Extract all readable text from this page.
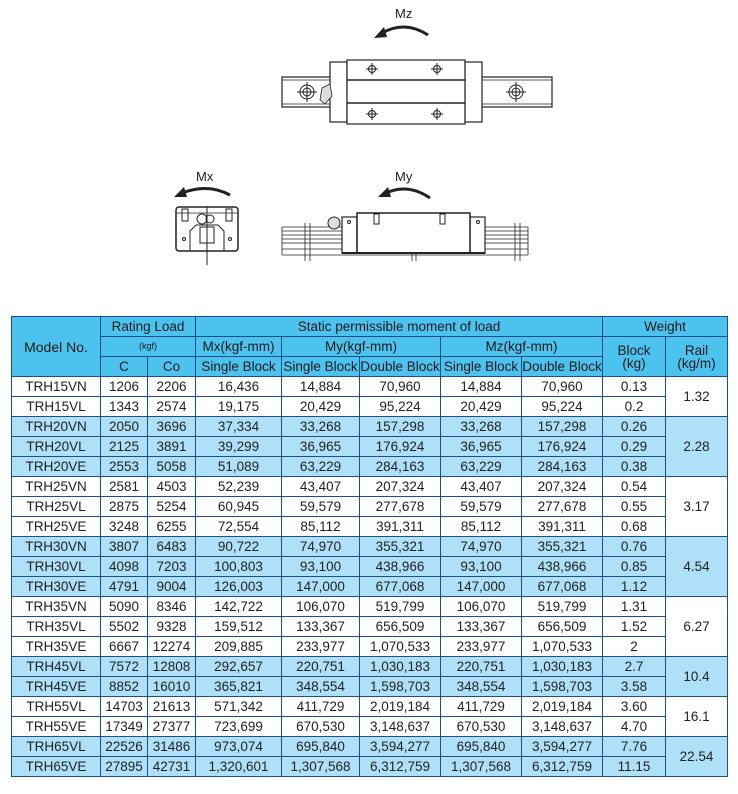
Mz
Mx	My
Model No.	Rating Load		Static permissible moment of load					Weight	

	(kgf)		Mx(kgf-mm)	My(kgf-mm)		Mz(kgf-mm)		Block
(kg)	Rail
(kg/m)

	C	Co	Single Block	Single Block	Double Block	Single Block	Double Block		
TRH15VN	1206	2206	16,436	14,884	70,960	14,884	70,960	0.13	1.32
TRH15VL	1343	2574	19,175	20,429	95,224	20,429	95,224	0.2	
TRH20VN	2050	3696	37,334	33,268	157,298	33,268	157,298	0.26	2.28
TRH20VL	2125	3891	39,299	36,965	176,924	36,965	176,924	0.29	
TRH20VE	2553	5058	51,089	63,229	284,163	63,229	284,163	0.38	
TRH25VN	2581	4503	52,239	43,407	207,324	43,407	207,324	0.54	3.17
TRH25VL	2875	5254	60,945	59,579	277,678	59,579	277,678	0.55	
TRH25VE	3248	6255	72,554	85,112	391,311	85,112	391,311	0.68	
TRH30VN	3807	6483	90,722	74,970	355,321	74,970	355,321	0.76	4.54
TRH30VL	4098	7203	100,803	93,100	438,966	93,100	438,966	0.85	
TRH30VE	4791	9004	126,003	147,000	677,068	147,000	677,068	1.12	
TRH35VN	5090	8346	142,722	106,070	519,799	106,070	519,799	1.31	6.27
TRH35VL	5502	9328	159,512	133,367	656,509	133,367	656,509	1.52	
TRH35VE	6667	12274	209,885	233,977	1,070,533	233,977	1,070,533	2	
TRH45VL	7572	12808	292,657	220,751	1,030,183	220,751	1,030,183	2.7	10.4
TRH45VE	8852	16010	365,821	348,554	1,598,703	348,554	1,598,703	3.58	
TRH55VL	14703	21613	571,342	411,729	2,019,184	411,729	2,019,184	3.60	16.1
TRH55VE	17349	27377	723,699	670,530	3,148,637	670,530	3,148,637	4.70	
TRH65VL	22526	31486	973,074	695,840	3,594,277	695,840	3,594,277	7.76	22.54
TRH65VE	27895	42731	1,320,601	1,307,568	6,312,759	1,307,568	6,312,759	11.15	
